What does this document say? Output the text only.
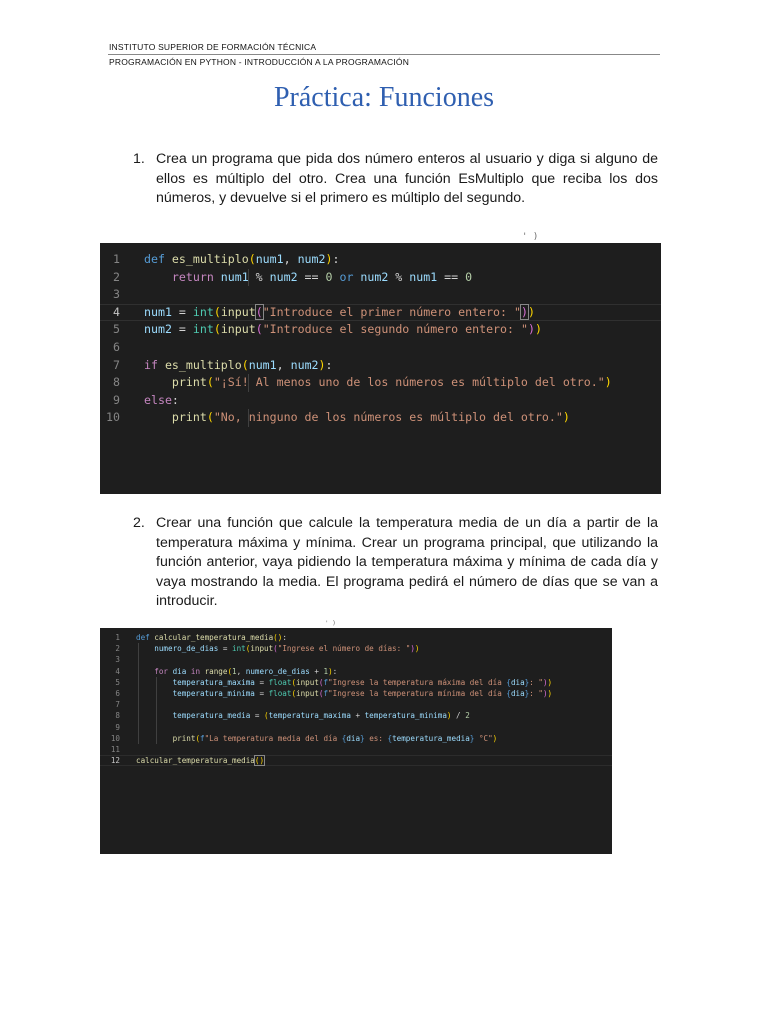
INSTITUTO SUPERIOR DE FORMACIÓN TÉCNICA
PROGRAMACIÓN EN PYTHON - INTRODUCCIÓN A LA PROGRAMACIÓN
Práctica: Funciones
1. Crea un programa que pida dos número enteros al usuario y diga si alguno de ellos es múltiplo del otro. Crea una función EsMultiplo que reciba los dos números, y devuelve si el primero es múltiplo del segundo.

' )

1 def es_multiplo(num1, num2):
2 return num1 % num2 == 0 or num2 % num1 == 0
3
4 num1 = int(input("Introduce el primer número entero: "))
5 num2 = int(input("Introduce el segundo número entero: "))
6
7 if es_multiplo(num1, num2):
8	print("¡Sí! Al menos uno de los números es múltiplo del otro.")
9 else:
10	print("No, ninguno de los números es múltiplo del otro.")
2. Crear una función que calcule la temperatura media de un día a partir de la temperatura máxima y mínima. Crear un programa principal, que utilizando la función anterior, vaya pidiendo la temperatura máxima y mínima de cada día y vaya mostrando la media. El programa pedirá el número de días que se van a introducir.

' )

1 def calcular_temperatura_media():
2 numero_de_dias = int(input("Ingrese el número de días: "))
3
4 for dia in range(1, numero_de_dias + 1):
5 temperatura_maxima = float(input(f"Ingrese la temperatura máxima del día {dia}: "))
6 temperatura_minima = float(input(f"Ingrese la temperatura mínima del día {dia}: "))
7
8 temperatura_media = (temperatura_maxima + temperatura_minima) / 2
9
10	print(f"La temperatura media del día {dia} es: {temperatura_media} °C")
11
12 calcular_temperatura_media()
